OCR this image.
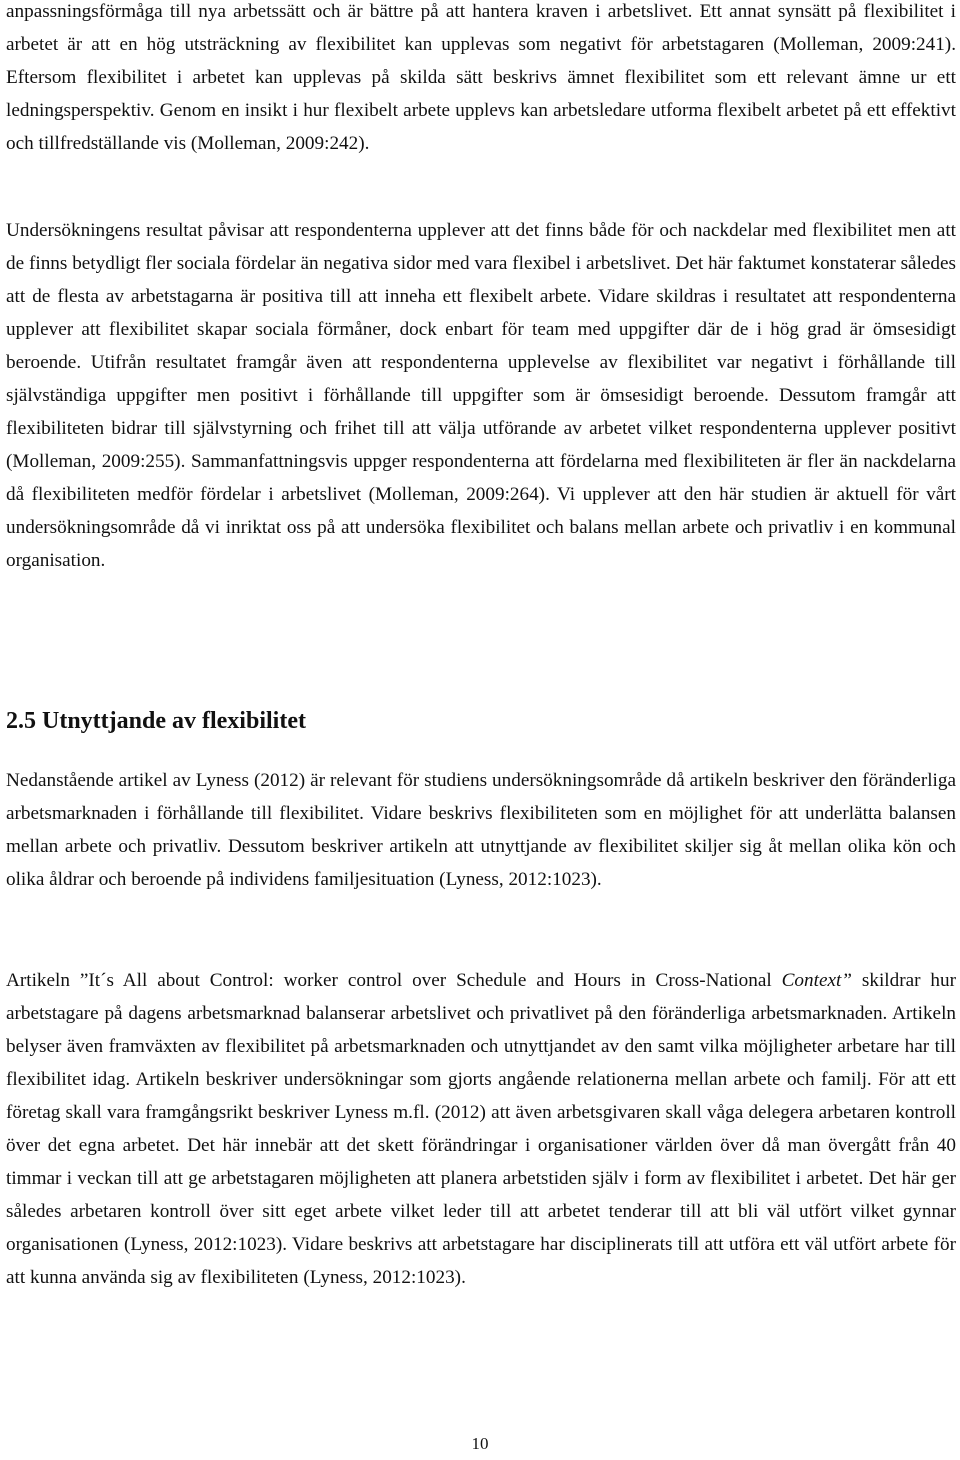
anpassningsförmåga till nya arbetssätt och är bättre på att hantera kraven i arbetslivet. Ett annat synsätt på flexibilitet i arbetet är att en hög utsträckning av flexibilitet kan upplevas som negativt för arbetstagaren (Molleman, 2009:241). Eftersom flexibilitet i arbetet kan upplevas på skilda sätt beskrivs ämnet flexibilitet som ett relevant ämne ur ett ledningsperspektiv. Genom en insikt i hur flexibelt arbete upplevs kan arbetsledare utforma flexibelt arbetet på ett effektivt och tillfredställande vis (Molleman, 2009:242).

Undersökningens resultat påvisar att respondenterna upplever att det finns både för och nackdelar med flexibilitet men att de finns betydligt fler sociala fördelar än negativa sidor med vara flexibel i arbetslivet. Det här faktumet konstaterar således att de flesta av arbetstagarna är positiva till att inneha ett flexibelt arbete. Vidare skildras i resultatet att respondenterna upplever att flexibilitet skapar sociala förmåner, dock enbart för team med uppgifter där de i hög grad är ömsesidigt beroende. Utifrån resultatet framgår även att respondenterna upplevelse av flexibilitet var negativt i förhållande till självständiga uppgifter men positivt i förhållande till uppgifter som är ömsesidigt beroende. Dessutom framgår att flexibiliteten bidrar till självstyrning och frihet till att välja utförande av arbetet vilket respondenterna upplever positivt (Molleman, 2009:255). Sammanfattningsvis uppger respondenterna att fördelarna med flexibiliteten är fler än nackdelarna då flexibiliteten medför fördelar i arbetslivet (Molleman, 2009:264). Vi upplever att den här studien är aktuell för vårt undersökningsområde då vi inriktat oss på att undersöka flexibilitet och balans mellan arbete och privatliv i en kommunal organisation.

2.5 Utnyttjande av flexibilitet

Nedanstående artikel av Lyness (2012) är relevant för studiens undersökningsområde då artikeln beskriver den föränderliga arbetsmarknaden i förhållande till flexibilitet. Vidare beskrivs flexibiliteten som en möjlighet för att underlätta balansen mellan arbete och privatliv. Dessutom beskriver artikeln att utnyttjande av flexibilitet skiljer sig åt mellan olika kön och olika åldrar och beroende på individens familjesituation (Lyness, 2012:1023).

Artikeln ”It´s All about Control: worker control over Schedule and Hours in Cross-National Context” skildrar hur arbetstagare på dagens arbetsmarknad balanserar arbetslivet och privatlivet på den föränderliga arbetsmarknaden. Artikeln belyser även framväxten av flexibilitet på arbetsmarknaden och utnyttjandet av den samt vilka möjligheter arbetare har till flexibilitet idag. Artikeln beskriver undersökningar som gjorts angående relationerna mellan arbete och familj. För att ett företag skall vara framgångsrikt beskriver Lyness m.fl. (2012) att även arbetsgivaren skall våga delegera arbetaren kontroll över det egna arbetet. Det här innebär att det skett förändringar i organisationer världen över då man övergått från 40 timmar i veckan till att ge arbetstagaren möjligheten att planera arbetstiden själv i form av flexibilitet i arbetet. Det här ger således arbetaren kontroll över sitt eget arbete vilket leder till att arbetet tenderar till att bli väl utfört vilket gynnar organisationen (Lyness, 2012:1023). Vidare beskrivs att arbetstagare har disciplinerats till att utföra ett väl utfört arbete för att kunna använda sig av flexibiliteten (Lyness, 2012:1023).

10
